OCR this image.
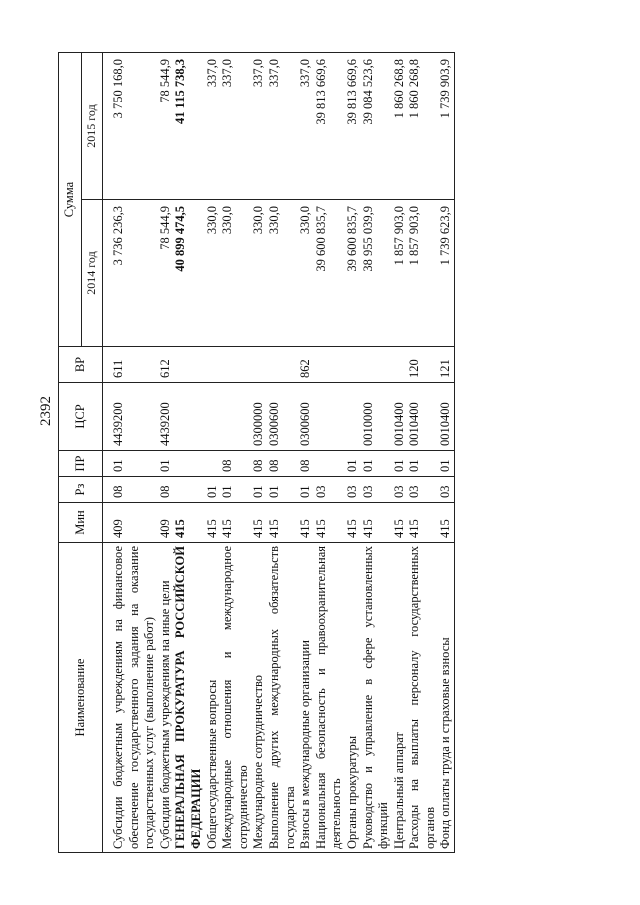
2392
Наименование	Мин	Рз	ПР	ЦСР	ВР	Сумма	
						2014 год	2015 год
Субсидии бюджетным учреждениям на финансовое обеспечение государственного задания на оказание государственных услуг (выполнение работ)	409	08	01	4439200	611	3 736 236,3	3 750 168,0
Субсидии бюджетным учреждениям на иные цели	409	08	01	4439200	612	78 544,9	78 544,9
ГЕНЕРАЛЬНАЯ ПРОКУРАТУРА РОССИЙСКОЙ ФЕДЕРАЦИИ	415					40 899 474,5	41 115 738,3
Общегосударственные вопросы	415	01				330,0	337,0
Международные отношения и международное сотрудничество	415	01	08			330,0	337,0
Международное сотрудничество	415	01	08	0300000		330,0	337,0
Выполнение других международных обязательств государства	415	01	08	0300600		330,0	337,0
Взносы в международные организации	415	01	08	0300600	862	330,0	337,0
Национальная безопасность и правоохранительная деятельность	415	03				39 600 835,7	39 813 669,6
Органы прокуратуры	415	03	01			39 600 835,7	39 813 669,6
Руководство и управление в сфере установленных функций	415	03	01	0010000		38 955 039,9	39 084 523,6
Центральный аппарат	415	03	01	0010400		1 857 903,0	1 860 268,8
Расходы на выплаты персоналу государственных органов	415	03	01	0010400	120	1 857 903,0	1 860 268,8
Фонд оплаты труда и страховые взносы	415	03	01	0010400	121	1 739 623,9	1 739 903,9
